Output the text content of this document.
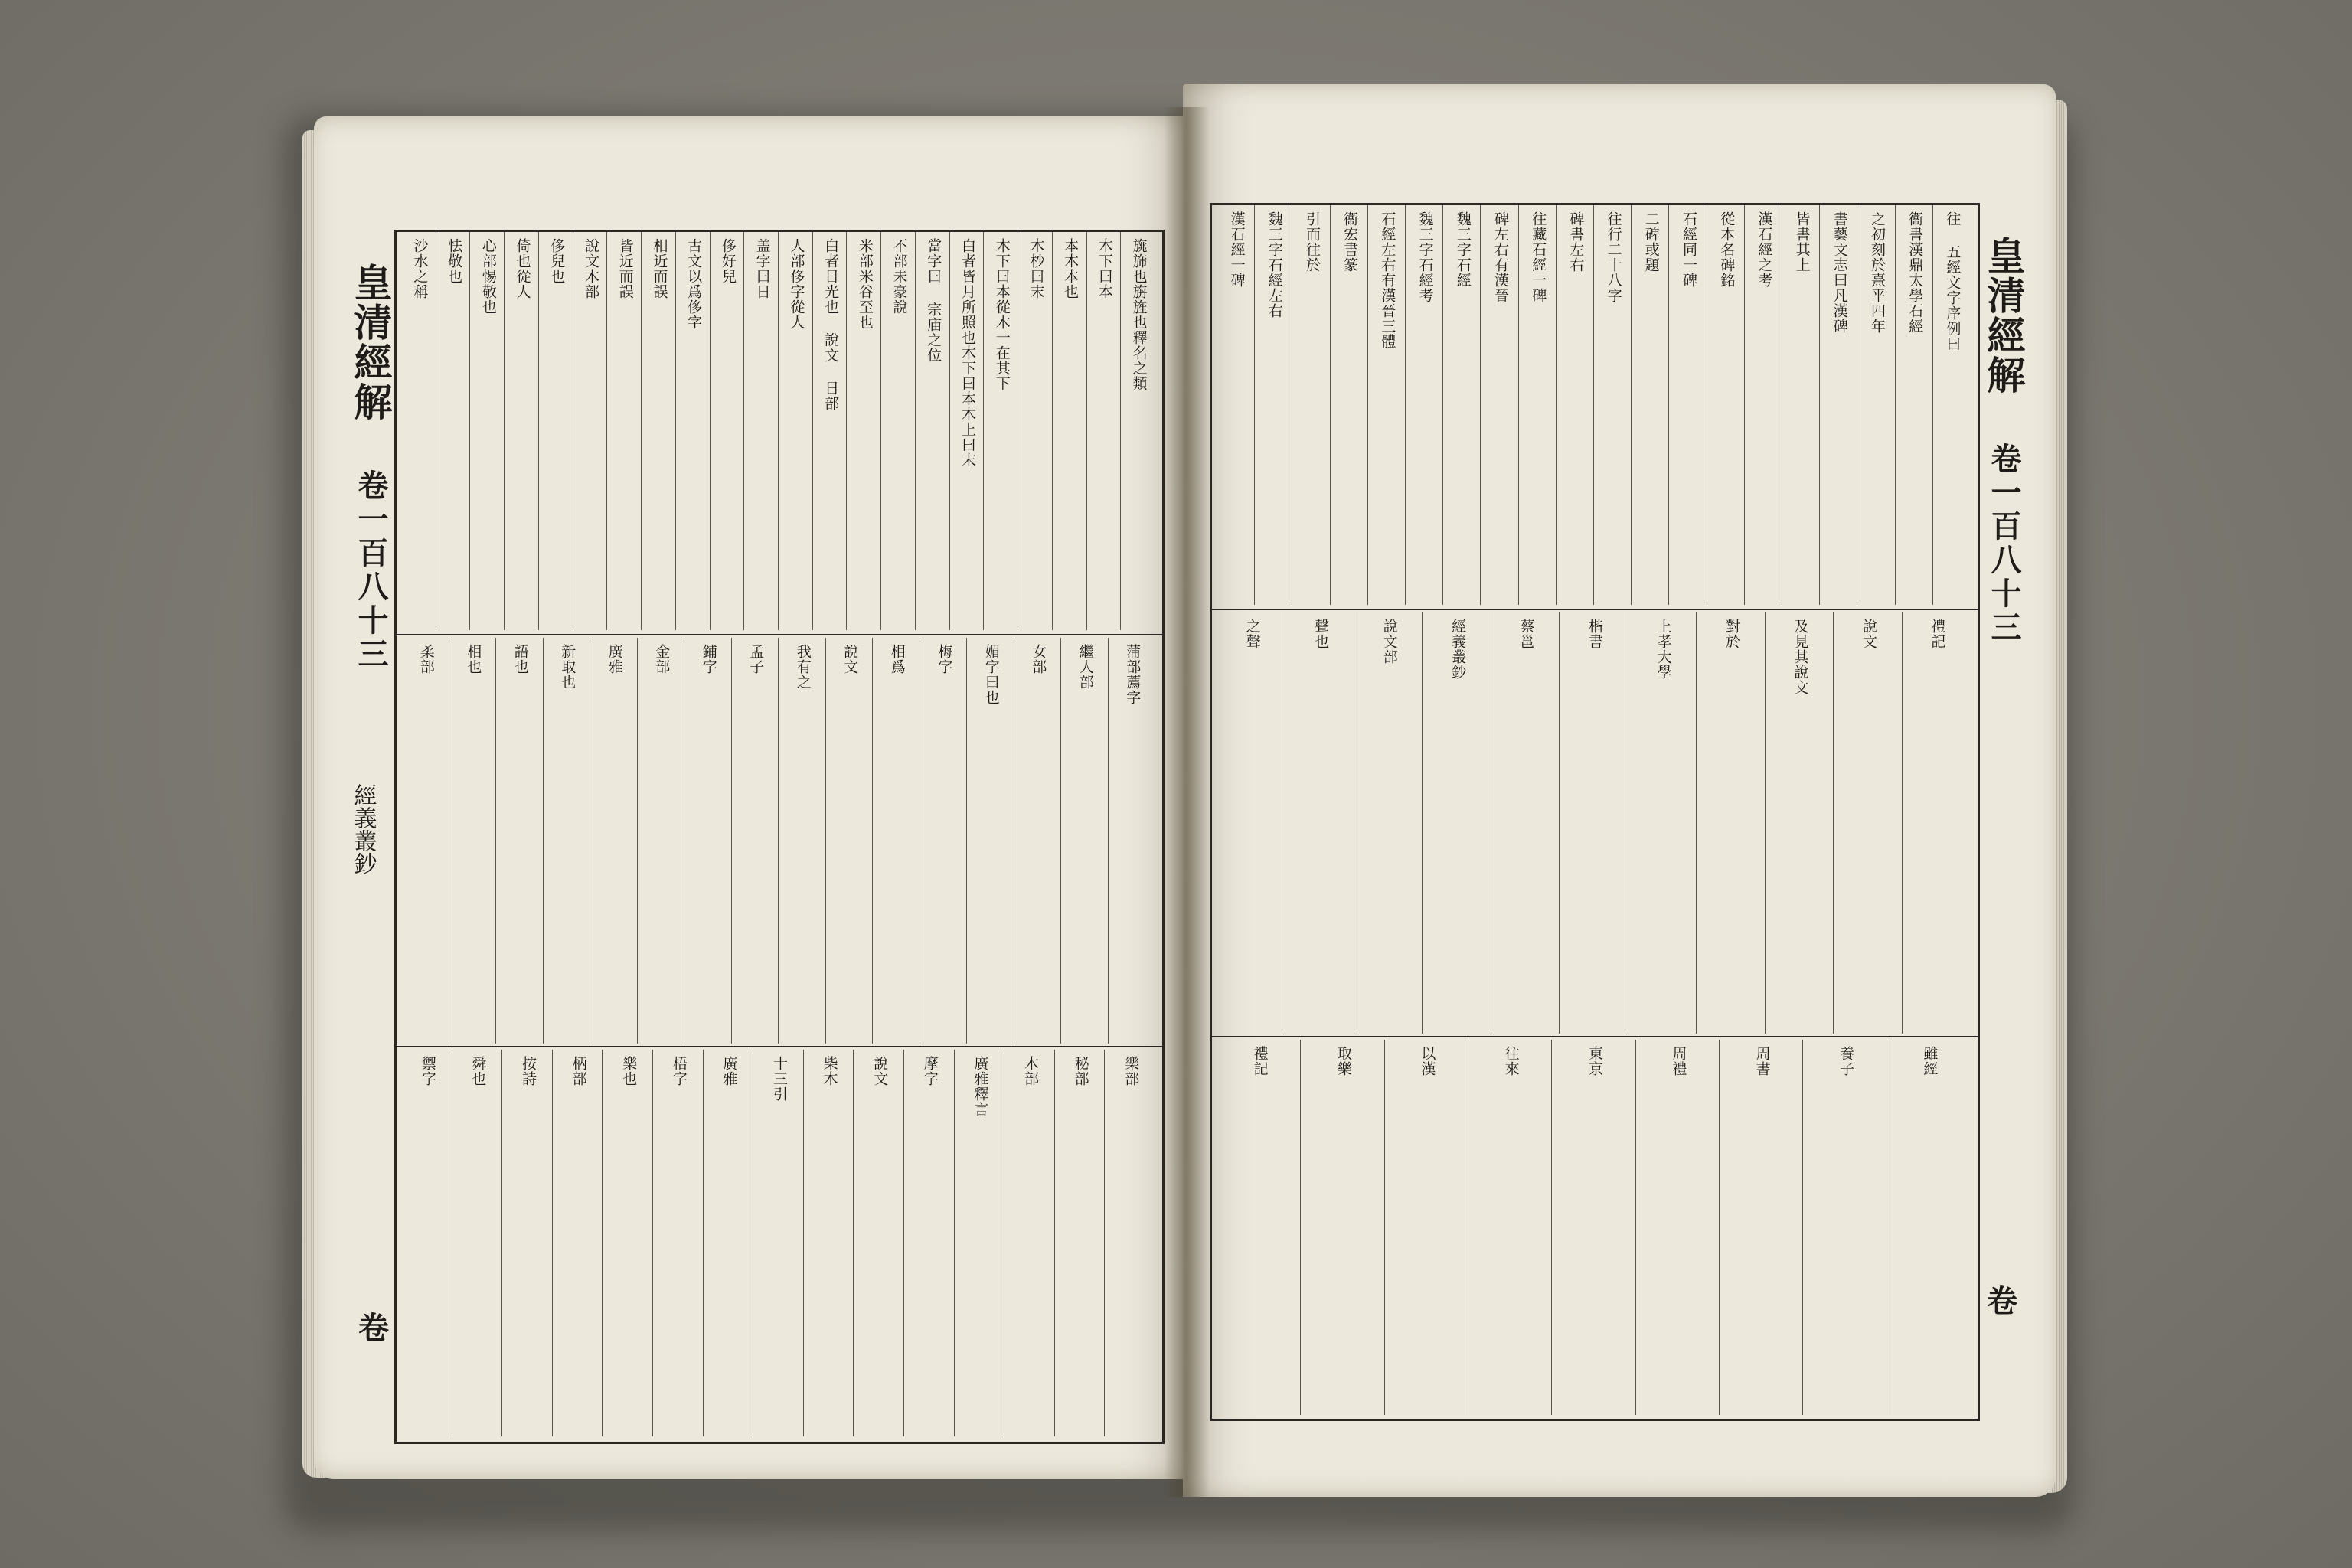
皇清經解
卷一百八十三
旐旆也旃旌也釋名之類
木下曰本
本木本也
木杪曰末
木下曰本從木一在其下
白者皆月所照也木下曰本木上曰末
當字曰 宗庙之位
不部未豪說
米部米谷至也
白者日光也 說文 日部
人部侈字從人
盖字曰日
侈好兒
古文以爲侈字
相近而誤
皆近而誤
說文木部
侈兒也
倚也從人
心部惕敬也
怯敬也
沙水之稱
蒲部薦字
繼人部
女部
媚字曰也
梅字
相爲
說文
我有之
孟子
鋪字
金部
廣雅
新取也
語也
相也
柔部
樂部
秘部
木部
廣雅釋言
摩字
說文
柴木
十三引
廣雅
梧字
樂也
柄部
按詩
舜也
禦字
經義叢鈔
卷
皇清經解
卷一百八十三
往 五經文字序例曰
衞書漢鼎太學石經
之初刻於熹平四年
書藝文志曰凡漢碑
皆書其上
漢石經之考
從本名碑銘
石經同一碑
二碑或題
往行二十八字
碑書左右
往藏石經一碑
碑左右有漢晉
魏三字石經
魏三字石經考
石經左右有漢晉三體
衞宏書篆
引而往於
魏三字石經左右
漢石經一碑
禮記
說文
及見其說文
對於
上孝大學
楷書
蔡邕
經義叢鈔
說文部
聲也
之聲
雖經
養子
周書
周禮
東京
往來
以漢
取樂
禮記
卷
